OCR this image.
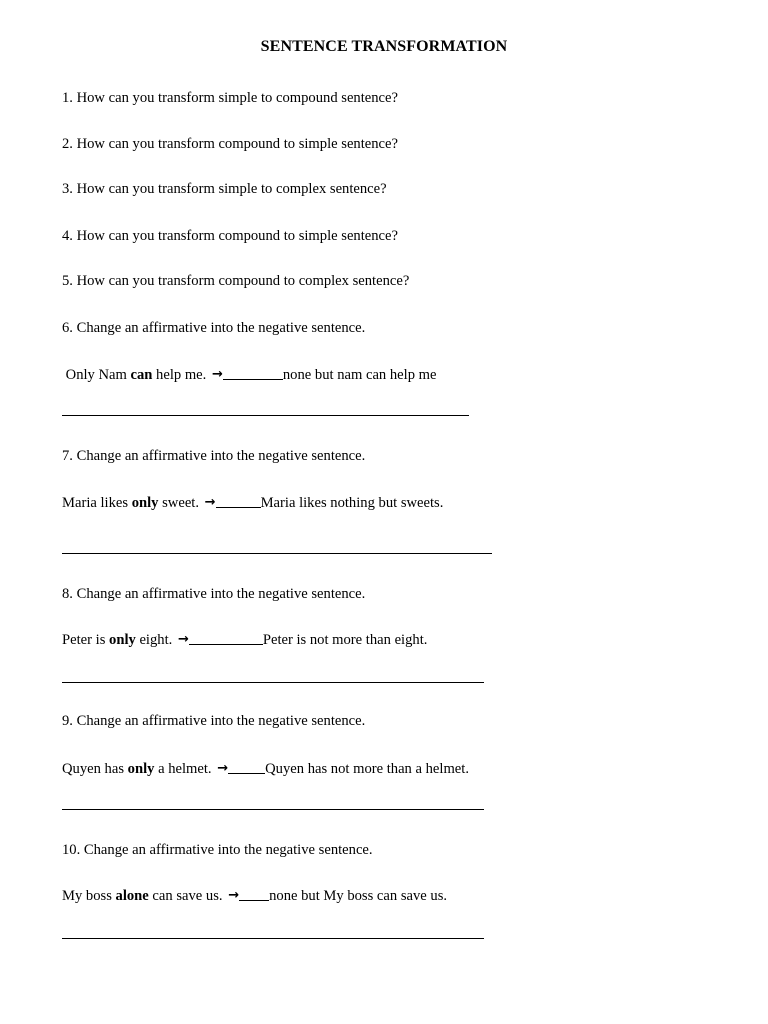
SENTENCE TRANSFORMATION
1. How can you transform simple to compound sentence?
2. How can you transform compound to simple sentence?
3. How can you transform simple to complex sentence?
4. How can you transform compound to simple sentence?
5. How can you transform compound to complex sentence?
6. Change an affirmative into the negative sentence.
Only Nam can help me. →	none but nam can help me
7. Change an affirmative into the negative sentence.
Maria likes only sweet. →	Maria likes nothing but sweets.
8. Change an affirmative into the negative sentence.
Peter is only eight. →	Peter is not more than eight.
9. Change an affirmative into the negative sentence.
Quyen has only a helmet. →	Quyen has not more than a helmet.
10. Change an affirmative into the negative sentence.
My boss alone can save us. → none but My boss can save us.
